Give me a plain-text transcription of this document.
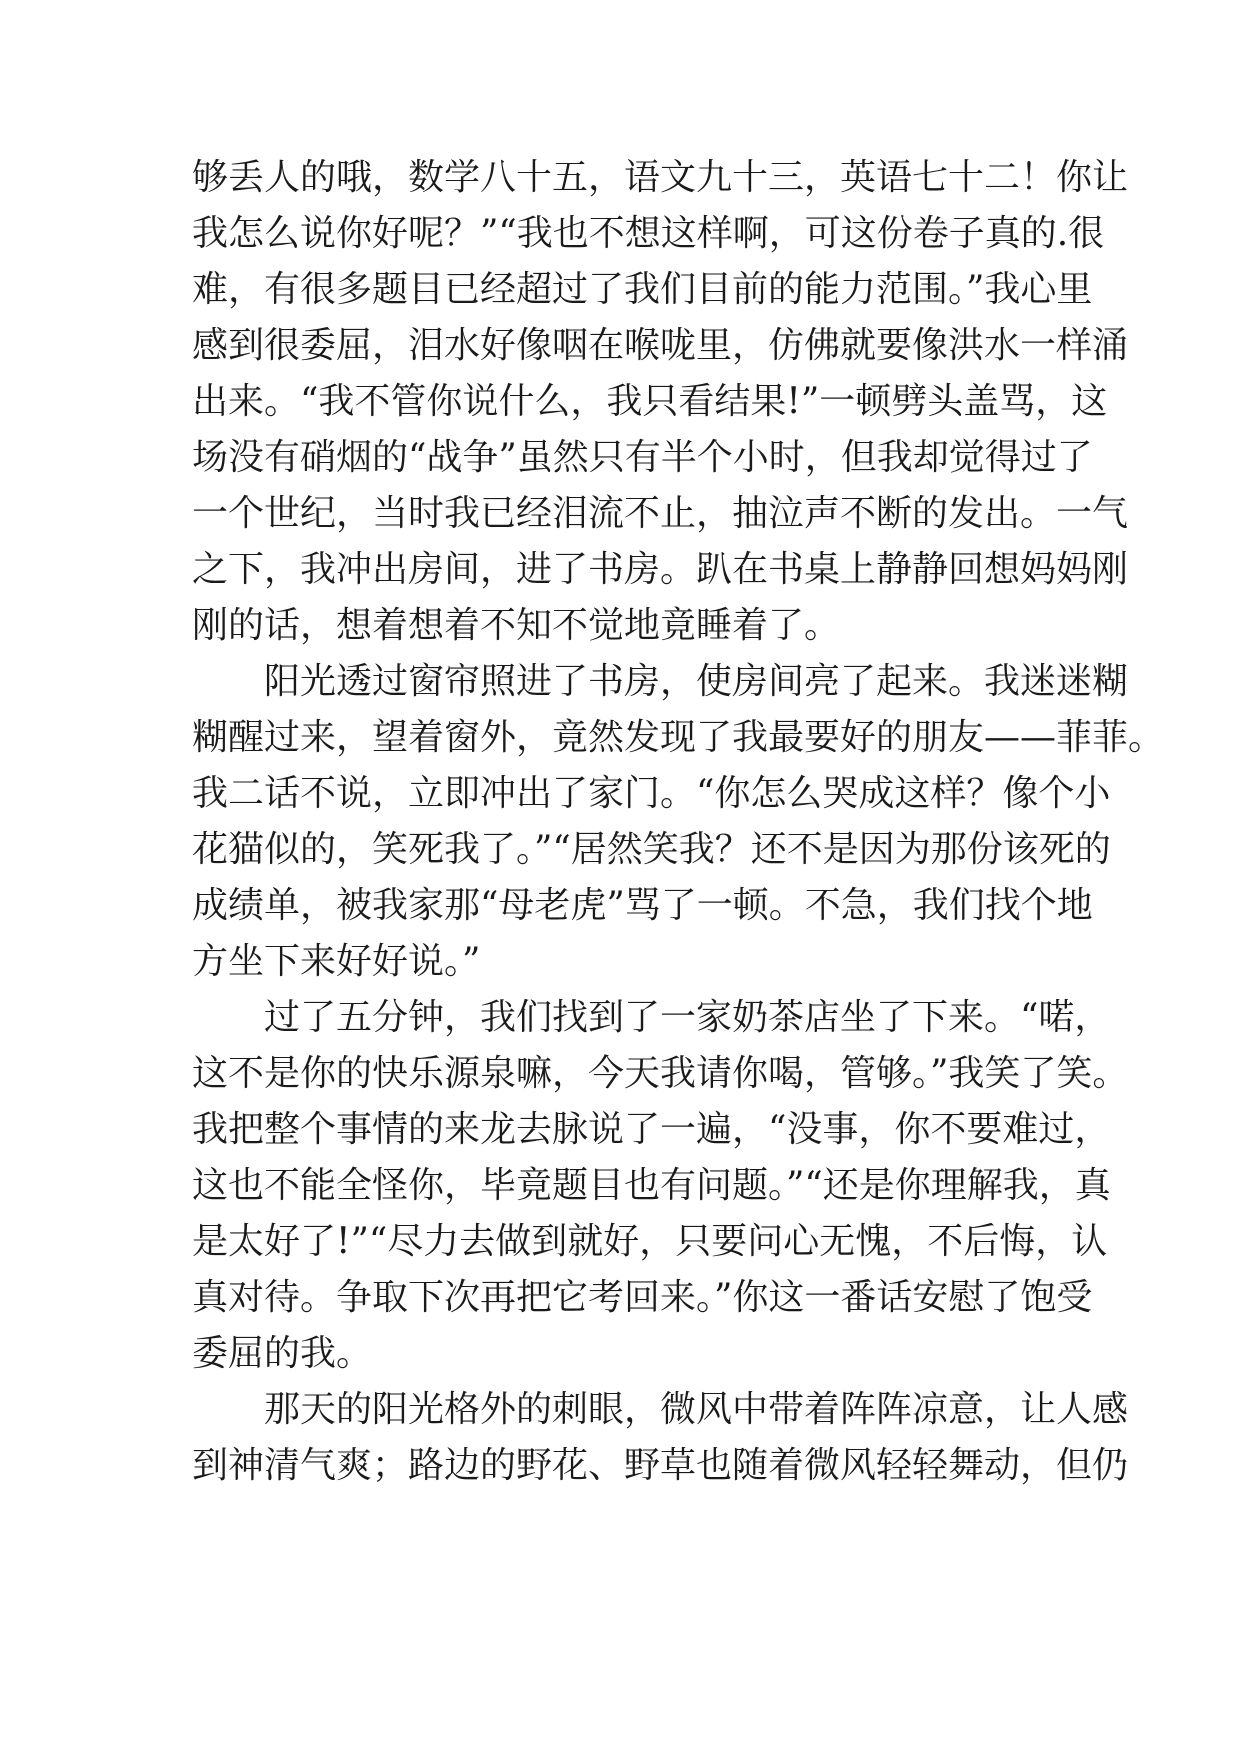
够丢人的哦，数学八十五，语文九十三，英语七十二！你让
我怎么说你好呢？”“我也不想这样啊，可这份卷子真的.很
难，有很多题目已经超过了我们目前的能力范围。”我心里
感到很委屈，泪水好像咽在喉咙里，仿佛就要像洪水一样涌
出来。“我不管你说什么，我只看结果!”一顿劈头盖骂，这
场没有硝烟的“战争”虽然只有半个小时，但我却觉得过了
一个世纪，当时我已经泪流不止，抽泣声不断的发出。一气
之下，我冲出房间，进了书房。趴在书桌上静静回想妈妈刚
刚的话，想着想着不知不觉地竟睡着了。
阳光透过窗帘照进了书房，使房间亮了起来。我迷迷糊
糊醒过来，望着窗外，竟然发现了我最要好的朋友——菲菲。
我二话不说，立即冲出了家门。“你怎么哭成这样？像个小
花猫似的，笑死我了。”“居然笑我？还不是因为那份该死的
成绩单，被我家那“母老虎”骂了一顿。不急，我们找个地
方坐下来好好说。”
过了五分钟，我们找到了一家奶茶店坐了下来。“喏，
这不是你的快乐源泉嘛，今天我请你喝，管够。”我笑了笑。
我把整个事情的来龙去脉说了一遍，“没事，你不要难过，
这也不能全怪你，毕竟题目也有问题。”“还是你理解我，真
是太好了!”“尽力去做到就好，只要问心无愧，不后悔，认
真对待。争取下次再把它考回来。”你这一番话安慰了饱受
委屈的我。
那天的阳光格外的刺眼，微风中带着阵阵凉意，让人感
到神清气爽；路边的野花、野草也随着微风轻轻舞动，但仍
